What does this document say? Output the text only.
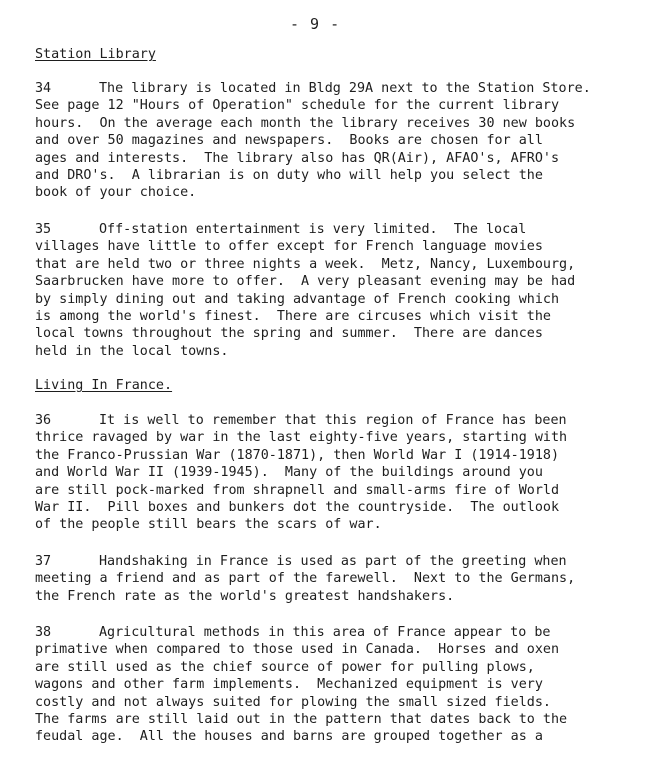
- 9 -
Station Library
34	The library is located in Bldg 29A next to the Station Store.
See page 12 "Hours of Operation" schedule for the current library
hours.  On the average each month the library receives 30 new books
and over 50 magazines and newspapers.  Books are chosen for all
ages and interests.  The library also has QR(Air), AFAO's, AFRO's
and DRO's.  A librarian is on duty who will help you select the
book of your choice.
35	Off-station entertainment is very limited.  The local
villages have little to offer except for French language movies
that are held two or three nights a week.  Metz, Nancy, Luxembourg,
Saarbrucken have more to offer.  A very pleasant evening may be had
by simply dining out and taking advantage of French cooking which
is among the world's finest.  There are circuses which visit the
local towns throughout the spring and summer.  There are dances
held in the local towns.
Living In France.
36	It is well to remember that this region of France has been
thrice ravaged by war in the last eighty-five years, starting with
the Franco-Prussian War (1870-1871), then World War I (1914-1918)
and World War II (1939-1945).  Many of the buildings around you
are still pock-marked from shrapnell and small-arms fire of World
War II.  Pill boxes and bunkers dot the countryside.  The outlook
of the people still bears the scars of war.
37	Handshaking in France is used as part of the greeting when
meeting a friend and as part of the farewell.  Next to the Germans,
the French rate as the world's greatest handshakers.
38	Agricultural methods in this area of France appear to be
primative when compared to those used in Canada.  Horses and oxen
are still used as the chief source of power for pulling plows,
wagons and other farm implements.  Mechanized equipment is very
costly and not always suited for plowing the small sized fields.
The farms are still laid out in the pattern that dates back to the
feudal age.  All the houses and barns are grouped together as a
